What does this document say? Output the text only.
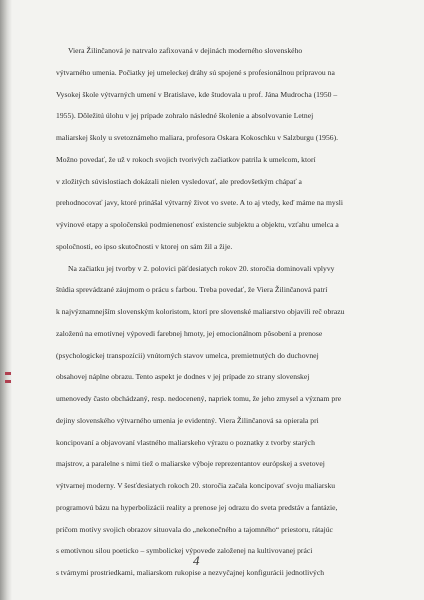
Viera Žilinčanová je natrvalo zafixovaná v dejinách moderného slovenského
výtvarného umenia. Počiatky jej umeleckej dráhy sú spojené s profesionálnou prípravou na
Vysokej škole výtvarných umení v Bratislave, kde študovala u prof. Jána Mudrocha (1950 –
1955). Dôležitú úlohu v jej prípade zohralo následné školenie a absolvovanie Letnej
maliarskej školy u svetoznámeho maliara, profesora Oskara Kokoschku v Salzburgu (1956).
Možno povedať, že už v rokoch svojich tvorivých začiatkov patrila k umelcom, ktorí
v zložitých súvislostiach dokázali nielen vysledovať, ale predovšetkým chápať a
prehodnocovať javy, ktoré prinášal výtvarný život vo svete. A to aj vtedy, keď máme na mysli
vývinové etapy a spoločenskú podmienenosť existencie subjektu a objektu, vzťahu umelca a
spoločnosti, eo ipso skutočnosti v ktorej on sám žil a žije.
Na začiatku jej tvorby v 2. polovici päťdesiatych rokov 20. storočia dominovali vplyvy
štúdia sprevádzané záujmom o prácu s farbou. Treba povedať, že Viera Žilinčanová patrí
k najvýznamnejším slovenským koloristom, ktorí pre slovenské maliarstvo objavili reč obrazu
založenú na emotívnej výpovedi farebnej hmoty, jej emocionálnom pôsobení a prenose
(psychologickej transpozícii) vnútorných stavov umelca, premietnutých do duchovnej
obsahovej náplne obrazu. Tento aspekt je dodnes v jej prípade zo strany slovenskej
umenovedy často obchádzaný, resp. nedocenený, napriek tomu, že jeho zmysel a význam pre
dejiny slovenského výtvarného umenia je evidentný. Viera Žilinčanová sa opierala pri
koncipovaní a objavovaní vlastného maliarskeho výrazu o poznatky z tvorby starých
majstrov, a paralelne s nimi tiež o maliarske výboje reprezentantov európskej a svetovej
výtvarnej moderny. V šesťdesiatych rokoch 20. storočia začala koncipovať svoju maliarsku
programovú bázu na hyperbolizácii reality a prenose jej odrazu do sveta predstáv a fantázie,
pričom motívy svojich obrazov situovala do „nekonečného a tajomného“ priestoru, rátajúc
s emotívnou silou poeticko – symbolickej výpovede založenej na kultivovanej práci
s tvárnymi prostriedkami, maliarskom rukopise a nezvyčajnej konfigurácii jednotlivých
4
